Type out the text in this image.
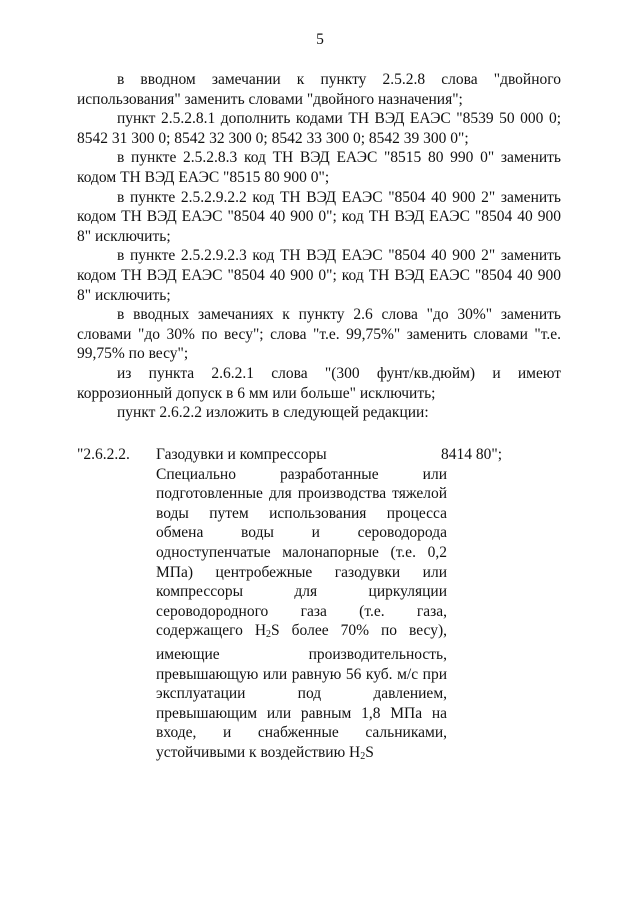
5

в вводном замечании к пункту 2.5.2.8 слова "двойного использования" заменить словами "двойного назначения";

пункт 2.5.2.8.1 дополнить кодами ТН ВЭД ЕАЭС "8539 50 000 0; 8542 31 300 0; 8542 32 300 0; 8542 33 300 0; 8542 39 300 0";

в пункте 2.5.2.8.3 код ТН ВЭД ЕАЭС "8515 80 990 0" заменить кодом ТН ВЭД ЕАЭС "8515 80 900 0";

в пункте 2.5.2.9.2.2 код ТН ВЭД ЕАЭС "8504 40 900 2" заменить кодом ТН ВЭД ЕАЭС "8504 40 900 0"; код ТН ВЭД ЕАЭС "8504 40 900 8" исключить;

в пункте 2.5.2.9.2.3 код ТН ВЭД ЕАЭС "8504 40 900 2" заменить кодом ТН ВЭД ЕАЭС "8504 40 900 0"; код ТН ВЭД ЕАЭС "8504 40 900 8" исключить;

в вводных замечаниях к пункту 2.6 слова "до 30%" заменить словами "до 30% по весу"; слова "т.е. 99,75%" заменить словами "т.е. 99,75% по весу";

из пункта 2.6.2.1 слова "(300 фунт/кв.дюйм) и имеют коррозионный допуск в 6 мм или больше" исключить;

пункт 2.6.2.2 изложить в следующей редакции:

"2.6.2.2. Газодувки и компрессоры

Специально разработанные или подготовленные для производства тяжелой воды путем использования процесса обмена воды и сероводорода одноступенчатые малонапорные (т.е. 0,2 МПа) центробежные газодувки или компрессоры для циркуляции сероводородного газа (т.е. газа, содержащего $H_2S$ более 70% по весу), имеющие производительность, превышающую или равную 56 куб. м/с при эксплуатации под давлением, превышающим или равным 1,8 МПа на входе, и снабженные сальниками, устойчивыми к воздействию $H_2S$

8414 80";
